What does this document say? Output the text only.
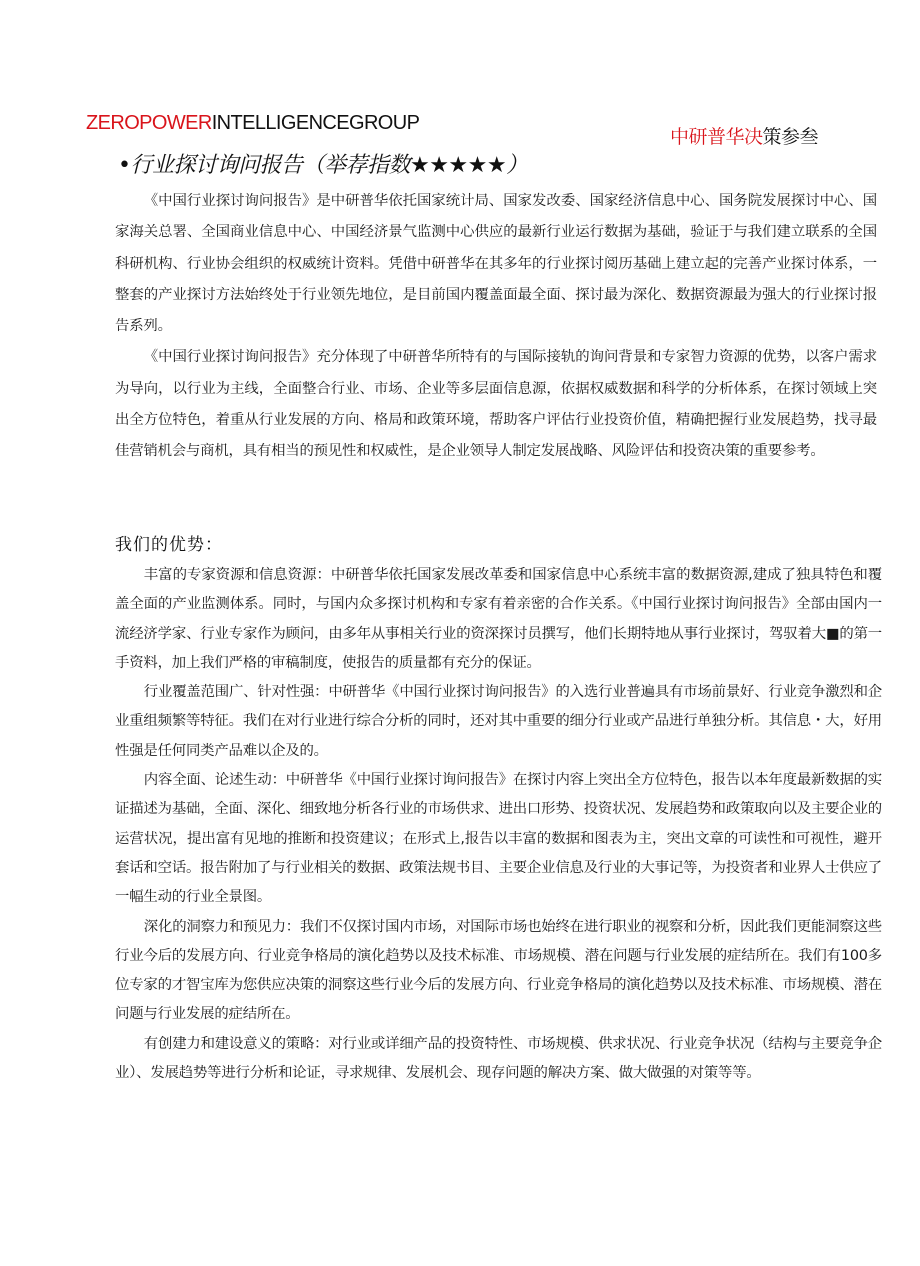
ZEROPOWERINTELLIGENCEGROUP
中研普华决策参叁
•行业探讨询问报告（举荐指数★★★★★）

《中国行业探讨询问报告》是中研普华依托国家统计局、国家发改委、国家经济信息中心、国务院发展探讨中心、国家海关总署、全国商业信息中心、中国经济景气监测中心供应的最新行业运行数据为基础，验证于与我们建立联系的全国科研机构、行业协会组织的权威统计资料。凭借中研普华在其多年的行业探讨阅历基础上建立起的完善产业探讨体系，一整套的产业探讨方法始终处于行业领先地位，是目前国内覆盖面最全面、探讨最为深化、数据资源最为强大的行业探讨报告系列。

《中国行业探讨询问报告》充分体现了中研普华所特有的与国际接轨的询问背景和专家智力资源的优势，以客户需求为导向，以行业为主线，全面整合行业、市场、企业等多层面信息源，依据权威数据和科学的分析体系，在探讨领域上突出全方位特色，着重从行业发展的方向、格局和政策环境，帮助客户评估行业投资价值，精确把握行业发展趋势，找寻最佳营销机会与商机，具有相当的预见性和权威性，是企业领导人制定发展战略、风险评估和投资决策的重要参考。

我们的优势：

丰富的专家资源和信息资源：中研普华依托国家发展改革委和国家信息中心系统丰富的数据资源,建成了独具特色和覆盖全面的产业监测体系。同时，与国内众多探讨机构和专家有着亲密的合作关系。《中国行业探讨询问报告》全部由国内一流经济学家、行业专家作为顾问，由多年从事相关行业的资深探讨员撰写，他们长期特地从事行业探讨，驾驭着大■的第一手资料，加上我们严格的审稿制度，使报告的质量都有充分的保证。

行业覆盖范围广、针对性强：中研普华《中国行业探讨询问报告》的入选行业普遍具有市场前景好、行业竞争激烈和企业重组频繁等特征。我们在对行业进行综合分析的同时，还对其中重要的细分行业或产品进行单独分析。其信息・大，好用性强是任何同类产品难以企及的。

内容全面、论述生动：中研普华《中国行业探讨询问报告》在探讨内容上突出全方位特色，报告以本年度最新数据的实证描述为基础，全面、深化、细致地分析各行业的市场供求、进出口形势、投资状况、发展趋势和政策取向以及主要企业的运营状况，提出富有见地的推断和投资建议；在形式上,报告以丰富的数据和图表为主，突出文章的可读性和可视性，避开套话和空话。报告附加了与行业相关的数据、政策法规书目、主要企业信息及行业的大事记等，为投资者和业界人士供应了一幅生动的行业全景图。

深化的洞察力和预见力：我们不仅探讨国内市场，对国际市场也始终在进行职业的视察和分析，因此我们更能洞察这些行业今后的发展方向、行业竞争格局的演化趋势以及技术标准、市场规模、潜在问题与行业发展的症结所在。我们有100多位专家的才智宝库为您供应决策的洞察这些行业今后的发展方向、行业竞争格局的演化趋势以及技术标准、市场规模、潜在问题与行业发展的症结所在。

有创建力和建设意义的策略：对行业或详细产品的投资特性、市场规模、供求状况、行业竞争状况（结构与主要竞争企业）、发展趋势等进行分析和论证，寻求规律、发展机会、现存问题的解决方案、做大做强的对策等等。
